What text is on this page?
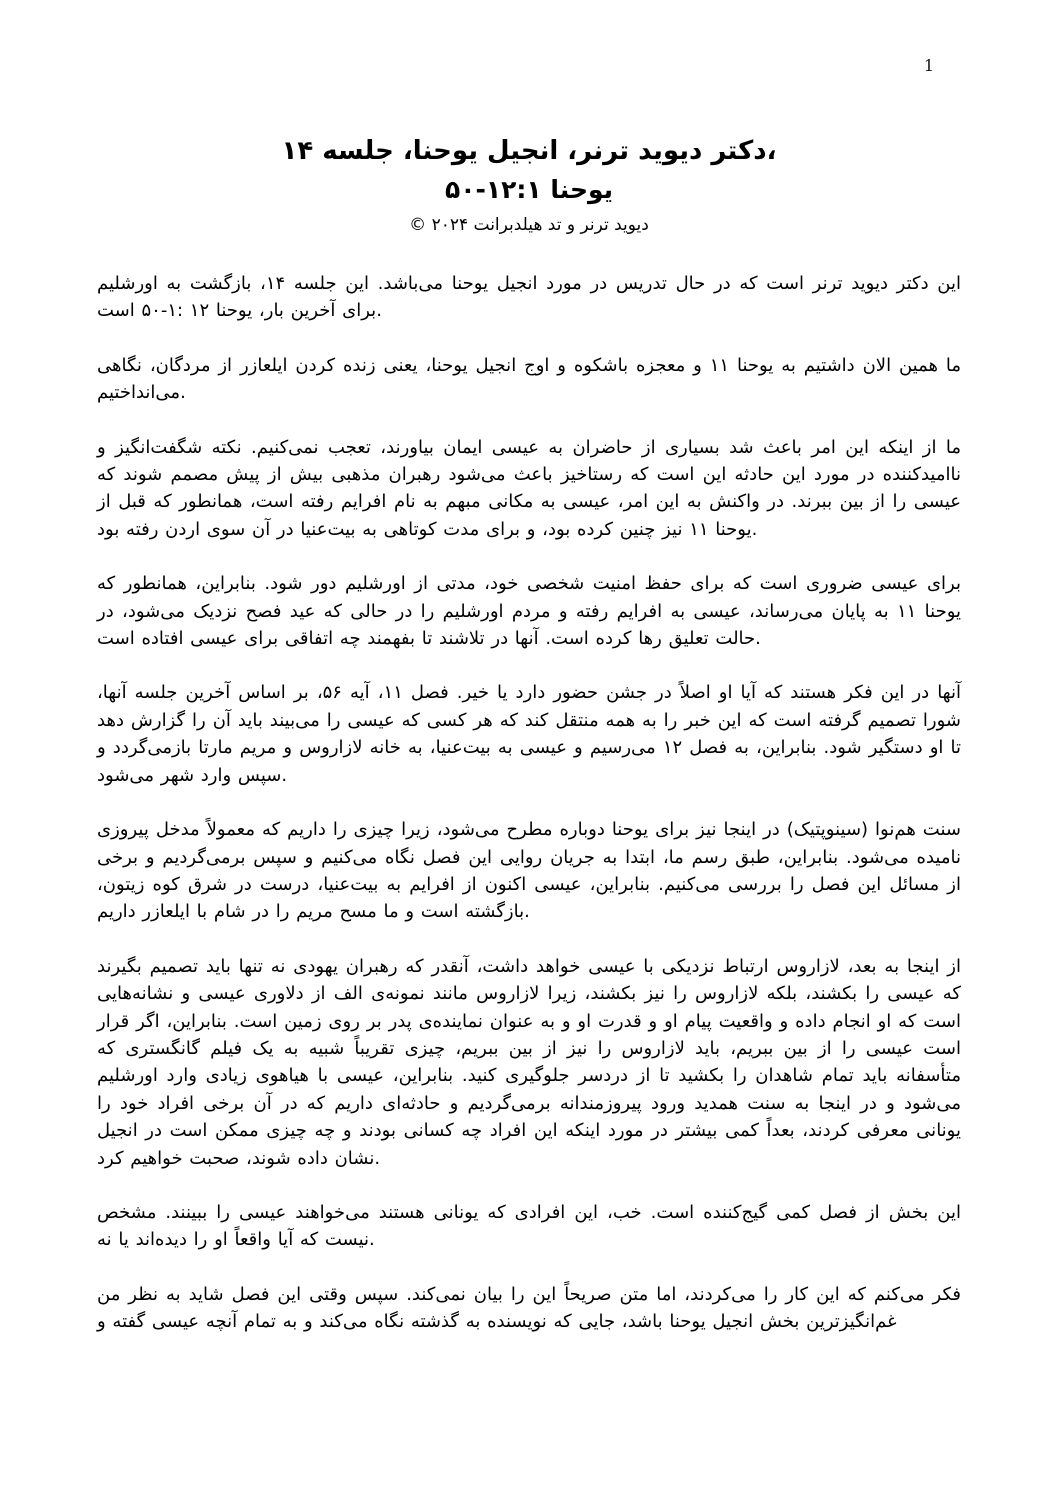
1

دکتر دیوید ترنر، انجیل یوحنا، جلسه ۱۴،

یوحنا ۱۲:۱-۵۰

© دیوید ترنر و تد هیلدبرانت ۲۰۲۴

این دکتر دیوید ترنر است که در حال تدریس در مورد انجیل یوحنا می‌باشد. این جلسه ۱۴، بازگشت به اورشلیم برای آخرین بار، یوحنا ۱۲ :۱-۵۰ است.

ما همین الان داشتیم به یوحنا ۱۱ و معجزه باشکوه و اوج انجیل یوحنا، یعنی زنده کردن ایلعازر از مردگان، نگاهی می‌انداختیم.

ما از اینکه این امر باعث شد بسیاری از حاضران به عیسی ایمان بیاورند، تعجب نمی‌کنیم. نکته شگفت‌انگیز و ناامیدکننده در مورد این حادثه این است که رستاخیز باعث می‌شود رهبران مذهبی بیش از پیش مصمم شوند که عیسی را از بین ببرند. در واکنش به این امر، عیسی به مکانی مبهم به نام افرایم رفته است، همانطور که قبل از یوحنا ۱۱ نیز چنین کرده بود، و برای مدت کوتاهی به بیت‌عنیا در آن سوی اردن رفته بود.

برای عیسی ضروری است که برای حفظ امنیت شخصی خود، مدتی از اورشلیم دور شود. بنابراین، همانطور که یوحنا ۱۱ به پایان می‌رساند، عیسی به افرایم رفته و مردم اورشلیم را در حالی که عید فصح نزدیک می‌شود، در حالت تعلیق رها کرده است. آنها در تلاشند تا بفهمند چه اتفاقی برای عیسی افتاده است.

آنها در این فکر هستند که آیا او اصلاً در جشن حضور دارد یا خیر. فصل ۱۱، آیه ۵۶، بر اساس آخرین جلسه آنها، شورا تصمیم گرفته است که این خبر را به همه منتقل کند که هر کسی که عیسی را می‌بیند باید آن را گزارش دهد تا او دستگیر شود. بنابراین، به فصل ۱۲ می‌رسیم و عیسی به بیت‌عنیا، به خانه لازاروس و مریم مارتا بازمی‌گردد و سپس وارد شهر می‌شود.

سنت هم‌نوا (سینوپتیک) در اینجا نیز برای یوحنا دوباره مطرح می‌شود، زیرا چیزی را داریم که معمولاً مدخل پیروزی نامیده می‌شود. بنابراین، طبق رسم ما، ابتدا به جریان روایی این فصل نگاه می‌کنیم و سپس برمی‌گردیم و برخی از مسائل این فصل را بررسی می‌کنیم. بنابراین، عیسی اکنون از افرایم به بیت‌عنیا، درست در شرق کوه زیتون، بازگشته است و ما مسح مریم را در شام با ایلعازر داریم.

از اینجا به بعد، لازاروس ارتباط نزدیکی با عیسی خواهد داشت، آنقدر که رهبران یهودی نه تنها باید تصمیم بگیرند که عیسی را بکشند، بلکه لازاروس را نیز بکشند، زیرا لازاروس مانند نمونه‌ی الف از دلاوری عیسی و نشانه‌هایی است که او انجام داده و واقعیت پیام او و قدرت او و به عنوان نماینده‌ی پدر بر روی زمین است. بنابراین، اگر قرار است عیسی را از بین ببریم، باید لازاروس را نیز از بین ببریم، چیزی تقریباً شبیه به یک فیلم گانگستری که متأسفانه باید تمام شاهدان را بکشید تا از دردسر جلوگیری کنید. بنابراین، عیسی با هیاهوی زیادی وارد اورشلیم می‌شود و در اینجا به سنت همدید ورود پیروزمندانه برمی‌گردیم و حادثه‌ای داریم که در آن برخی افراد خود را یونانی معرفی کردند، بعداً کمی بیشتر در مورد اینکه این افراد چه کسانی بودند و چه چیزی ممکن است در انجیل نشان داده شوند، صحبت خواهیم کرد.

این بخش از فصل کمی گیج‌کننده است. خب، این افرادی که یونانی هستند می‌خواهند عیسی را ببینند. مشخص نیست که آیا واقعاً او را دیده‌اند یا نه.

فکر می‌کنم که این کار را می‌کردند، اما متن صریحاً این را بیان نمی‌کند. سپس وقتی این فصل شاید به نظر من غم‌انگیزترین بخش انجیل یوحنا باشد، جایی که نویسنده به گذشته نگاه می‌کند و به تمام آنچه عیسی گفته و
